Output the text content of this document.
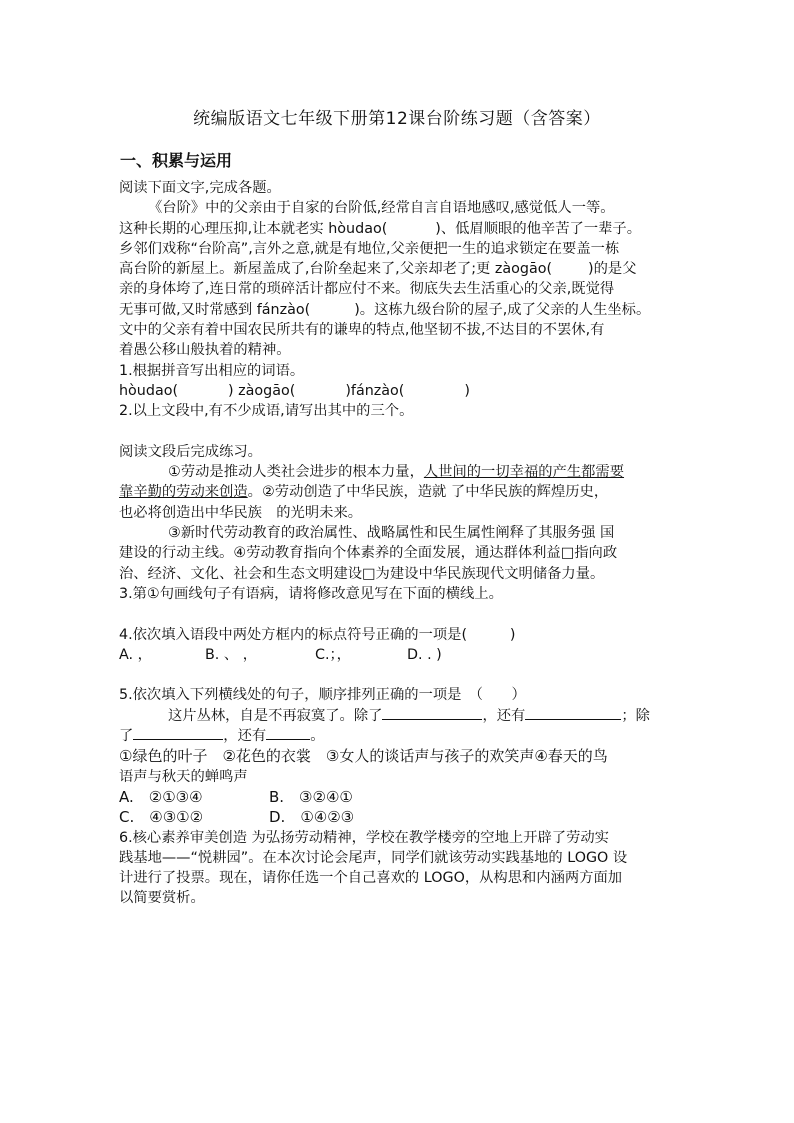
统编版语文七年级下册第12课台阶练习题（含答案）
一、积累与运用
阅读下面文字,完成各题。
《台阶》中的父亲由于自家的台阶低,经常自言自语地感叹,感觉低人一等。
这种长期的心理压抑,让本就老实 hòudao(	)、低眉顺眼的他辛苦了一辈子。
乡邻们戏称“台阶高”,言外之意,就是有地位,父亲便把一生的追求锁定在要盖一栋
高台阶的新屋上。新屋盖成了,台阶垒起来了,父亲却老了;更 zàogāo(	)的是父
亲的身体垮了,连日常的琐碎活计都应付不来。彻底失去生活重心的父亲,既觉得
无事可做,又时常感到 fánzào(	)。这栋九级台阶的屋子,成了父亲的人生坐标。
文中的父亲有着中国农民所共有的谦卑的特点,他坚韧不拔,不达目的不罢休,有
着愚公移山般执着的精神。
1.根据拼音写出相应的词语。
hòudao(	) zàogāo(	)fánzào(	)
2.以上文段中,有不少成语,请写出其中的三个。
阅读文段后完成练习。
①劳动是推动人类社会进步的根本力量，人世间的一切幸福的产生都需要
靠辛勤的劳动来创造。②劳动创造了中华民族，造就 了中华民族的辉煌历史，
也必将创造出中华民族　的光明未来。
③新时代劳动教育的政治属性、战略属性和民生属性阐释了其服务强 国
建设的行动主线。④劳动教育指向个体素养的全面发展，通达群体利益□指向政
治、经济、文化、社会和生态文明建设□为建设中华民族现代文明储备力量。
3.第①句画线句子有语病，请将修改意见写在下面的横线上。
4.依次填入语段中两处方框内的标点符号正确的一项是(　　　)
A. ，	B. 、 ，	C.；，	D. . )
5.依次填入下列横线处的句子，顺序排列正确的一项是　（　　）
这片丛林，自是不再寂寞了。除了	，还有	；除
了	，还有	。
①绿色的叶子　②花色的衣裳　③女人的谈话声与孩子的欢笑声④春天的鸟
语声与秋天的蝉鸣声
A.　②①③④	B.　③②④①
C.　④③①②	D.　①④②③
6.核心素养审美创造 为弘扬劳动精神，学校在教学楼旁的空地上开辟了劳动实
践基地——“悦耕园”。在本次讨论会尾声，同学们就该劳动实践基地的 LOGO 设
计进行了投票。现在，请你任选一个自己喜欢的 LOGO，从构思和内涵两方面加
以简要赏析。
